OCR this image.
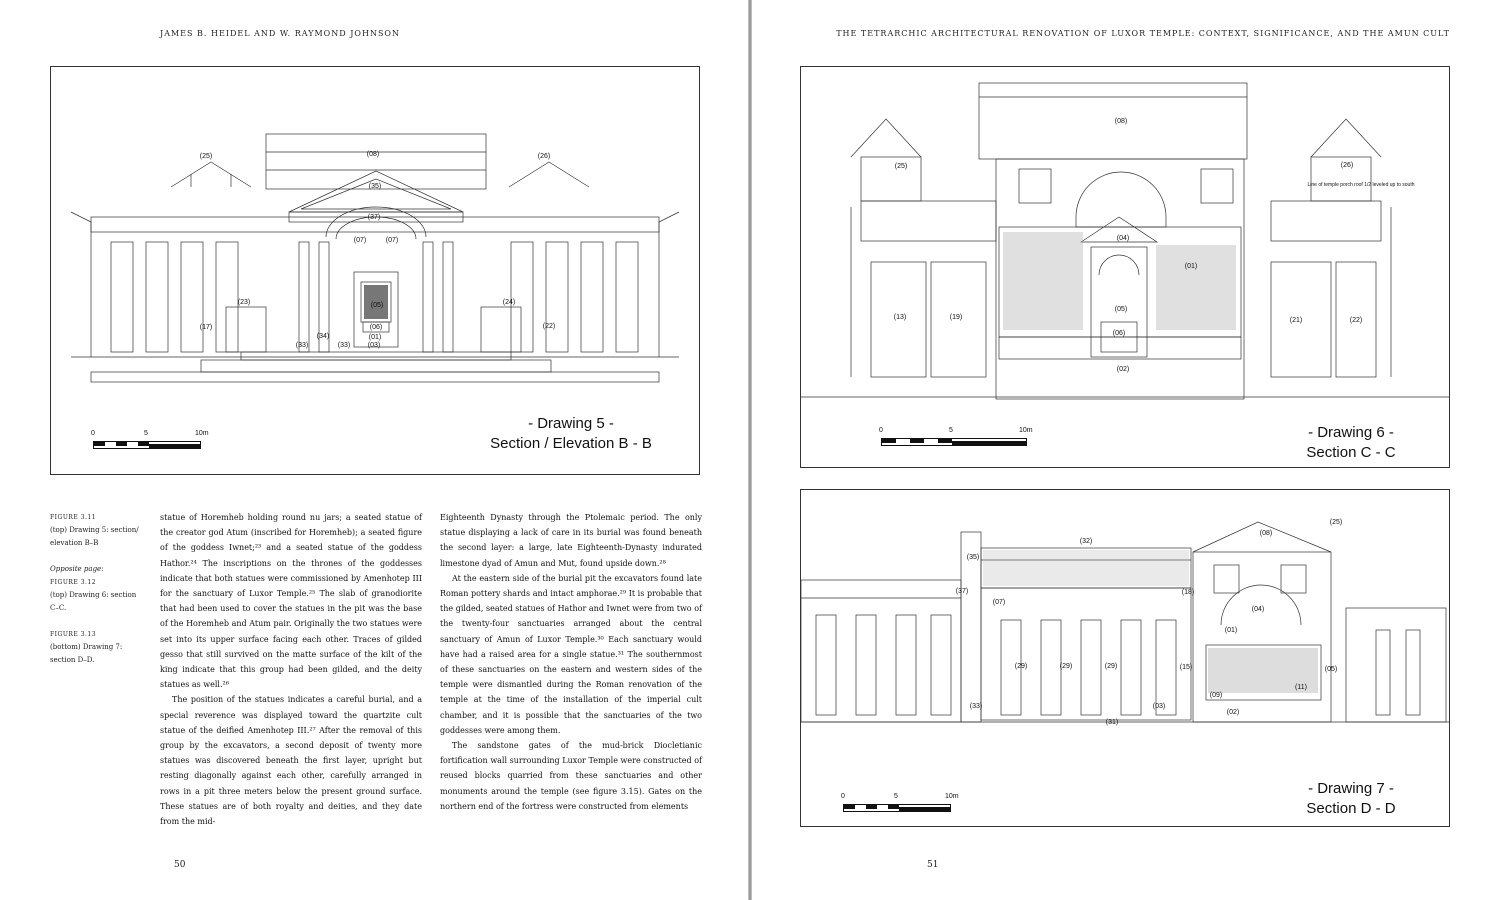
JAMES B. HEIDEL AND W. RAYMOND JOHNSON
(25)	(08)	(26)
(35)
(37)
(07)	(07)
(05)
(06)
(01)
(03)
(33)	(33)
(34)
(23)	(24)
(17)	(22)
0	5	10m
- Drawing 5 -
Section / Elevation B - B
FIGURE 3.11
(top) Drawing 5: section/
elevation B–B
Opposite page:
FIGURE 3.12
(top) Drawing 6: section
C–C.
FIGURE 3.13
(bottom) Drawing 7:
section D–D.

statue of Horemheb holding round nu jars; a seated statue of the creator god Atum (inscribed for Horemheb); a seated figure of the goddess Iwnet;²³ and a seated statue of the goddess Hathor.²⁴ The inscriptions on the thrones of the goddesses indicate that both statues were commissioned by Amenhotep III for the sanctuary of Luxor Temple.²⁵ The slab of granodiorite that had been used to cover the statues in the pit was the base of the Horemheb and Atum pair. Originally the two statues were set into its upper surface facing each other. Traces of gilded gesso that still survived on the matte surface of the kilt of the king indicate that this group had been gilded, and the deity statues as well.²⁶

The position of the statues indicates a careful burial, and a special reverence was displayed toward the quartzite cult statue of the deified Amenhotep III.²⁷ After the removal of this group by the excavators, a second deposit of twenty more statues was discovered beneath the first layer, upright but resting diagonally against each other, carefully arranged in rows in a pit three meters below the present ground surface. These statues are of both royalty and deities, and they date from the mid-

Eighteenth Dynasty through the Ptolemaic period. The only statue displaying a lack of care in its burial was found beneath the second layer: a large, late Eighteenth-Dynasty indurated limestone dyad of Amun and Mut, found upside down.²⁸

At the eastern side of the burial pit the excavators found late Roman pottery shards and intact amphorae.²⁹ It is probable that the gilded, seated statues of Hathor and Iwnet were from two of the twenty-four sanctuaries arranged about the central sanctuary of Amun of Luxor Temple.³⁰ Each sanctuary would have had a raised area for a single statue.³¹ The southernmost of these sanctuaries on the eastern and western sides of the temple were dismantled during the Roman renovation of the temple at the time of the installation of the imperial cult chamber, and it is possible that the sanctuaries of the two goddesses were among them.

The sandstone gates of the mud-brick Diocletianic fortification wall surrounding Luxor Temple were constructed of reused blocks quarried from these sanctuaries and other monuments around the temple (see figure 3.15). Gates on the northern end of the fortress were constructed from elements

50
THE TETRARCHIC ARCHITECTURAL RENOVATION OF LUXOR TEMPLE: CONTEXT, SIGNIFICANCE, AND THE AMUN CULT
(08)
(25)	(26)
(04)
(01)
(05)
(06)
(02)
(13)	(19)	(21)	(22)
Line of temple porch roof 1/2 leveled up to south
0	5	10m	- Drawing 6 -
Section C - C
(25)
(32)
(08)
(35)
(37)
(07)
(18)
(04)
(01)
(29)	(29)	(29)	(15)
(09)
(11)
(05)
(33)	(03)
(02)
(31)
0	5	10m	- Drawing 7 -
Section D - D
51
